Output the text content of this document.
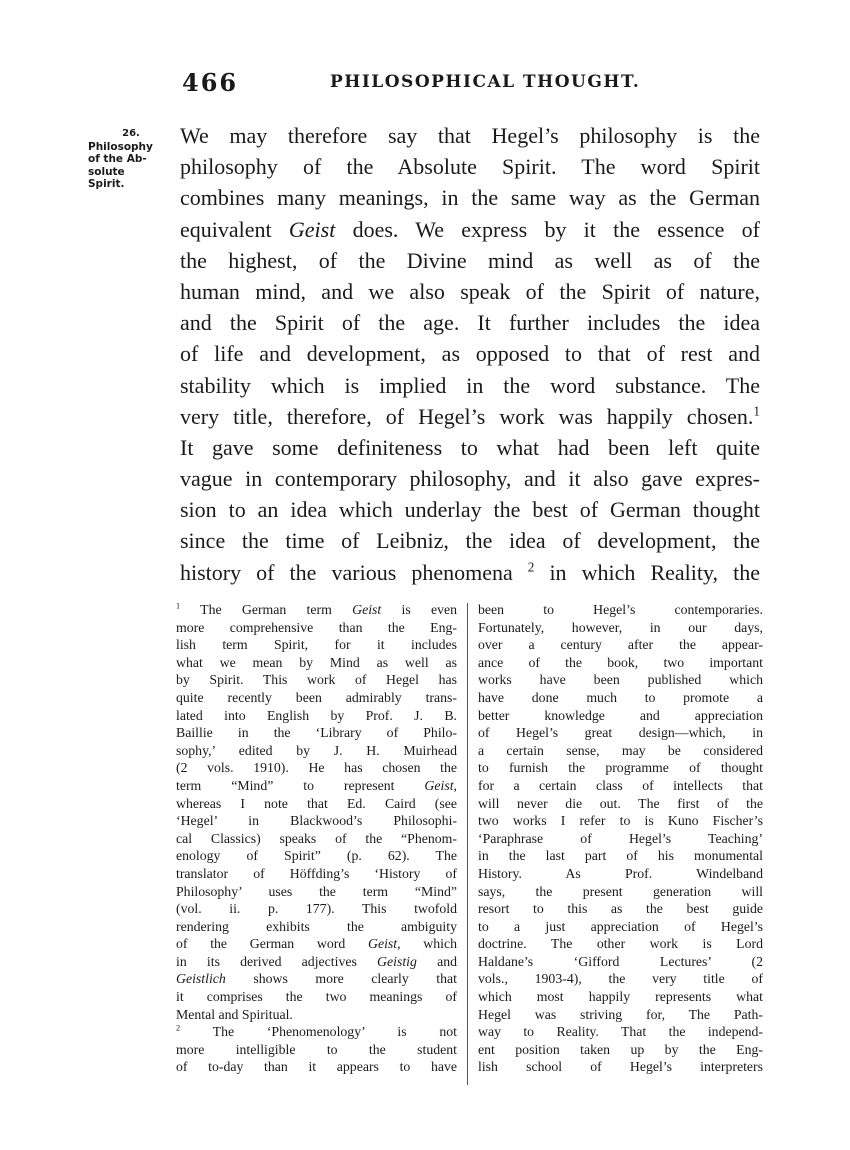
466	PHILOSOPHICAL THOUGHT.
26.
Philosophy
of the Ab-
solute
Spirit.
We may therefore say that Hegel’s philosophy is the
philosophy of the Absolute Spirit. The word Spirit
combines many meanings, in the same way as the German
equivalent Geist does. We express by it the essence of
the highest, of the Divine mind as well as of the
human mind, and we also speak of the Spirit of nature,
and the Spirit of the age. It further includes the idea
of life and development, as opposed to that of rest and
stability which is implied in the word substance. The
very title, therefore, of Hegel’s work was happily chosen.$^1$
It gave some definiteness to what had been left quite
vague in contemporary philosophy, and it also gave expres-
sion to an idea which underlay the best of German thought
since the time of Leibniz, the idea of development, the
history of the various phenomena $^2$ in which Reality, the
$^1$ The German term Geist is even
more comprehensive than the Eng-
lish term Spirit, for it includes
what we mean by Mind as well as
by Spirit. This work of Hegel has
quite recently been admirably trans-
lated into English by Prof. J. B.
Baillie in the ‘Library of Philo-
sophy,’ edited by J. H. Muirhead
(2 vols. 1910). He has chosen the
term “Mind” to represent Geist,
whereas I note that Ed. Caird (see
‘Hegel’ in Blackwood’s Philosophi-
cal Classics) speaks of the “Phenom-
enology of Spirit” (p. 62). The
translator of Höffding’s ‘History of
Philosophy’ uses the term “Mind”
(vol. ii. p. 177). This twofold
rendering exhibits the ambiguity
of the German word Geist, which
in its derived adjectives Geistig and
Geistlich shows more clearly that
it comprises the two meanings of
Mental and Spiritual.
$^2$ The ‘Phenomenology’ is not
more intelligible to the student
of to-day than it appears to have
been to Hegel’s contemporaries.
Fortunately, however, in our days,
over a century after the appear-
ance of the book, two important
works have been published which
have done much to promote a
better knowledge and appreciation
of Hegel’s great design—which, in
a certain sense, may be considered
to furnish the programme of thought
for a certain class of intellects that
will never die out. The first of the
two works I refer to is Kuno Fischer’s
‘Paraphrase of Hegel’s Teaching’
in the last part of his monumental
History. As Prof. Windelband
says, the present generation will
resort to this as the best guide
to a just appreciation of Hegel’s
doctrine. The other work is Lord
Haldane’s ‘Gifford Lectures’ (2
vols., 1903-4), the very title of
which most happily represents what
Hegel was striving for, The Path-
way to Reality. That the independ-
ent position taken up by the Eng-
lish school of Hegel’s interpreters
